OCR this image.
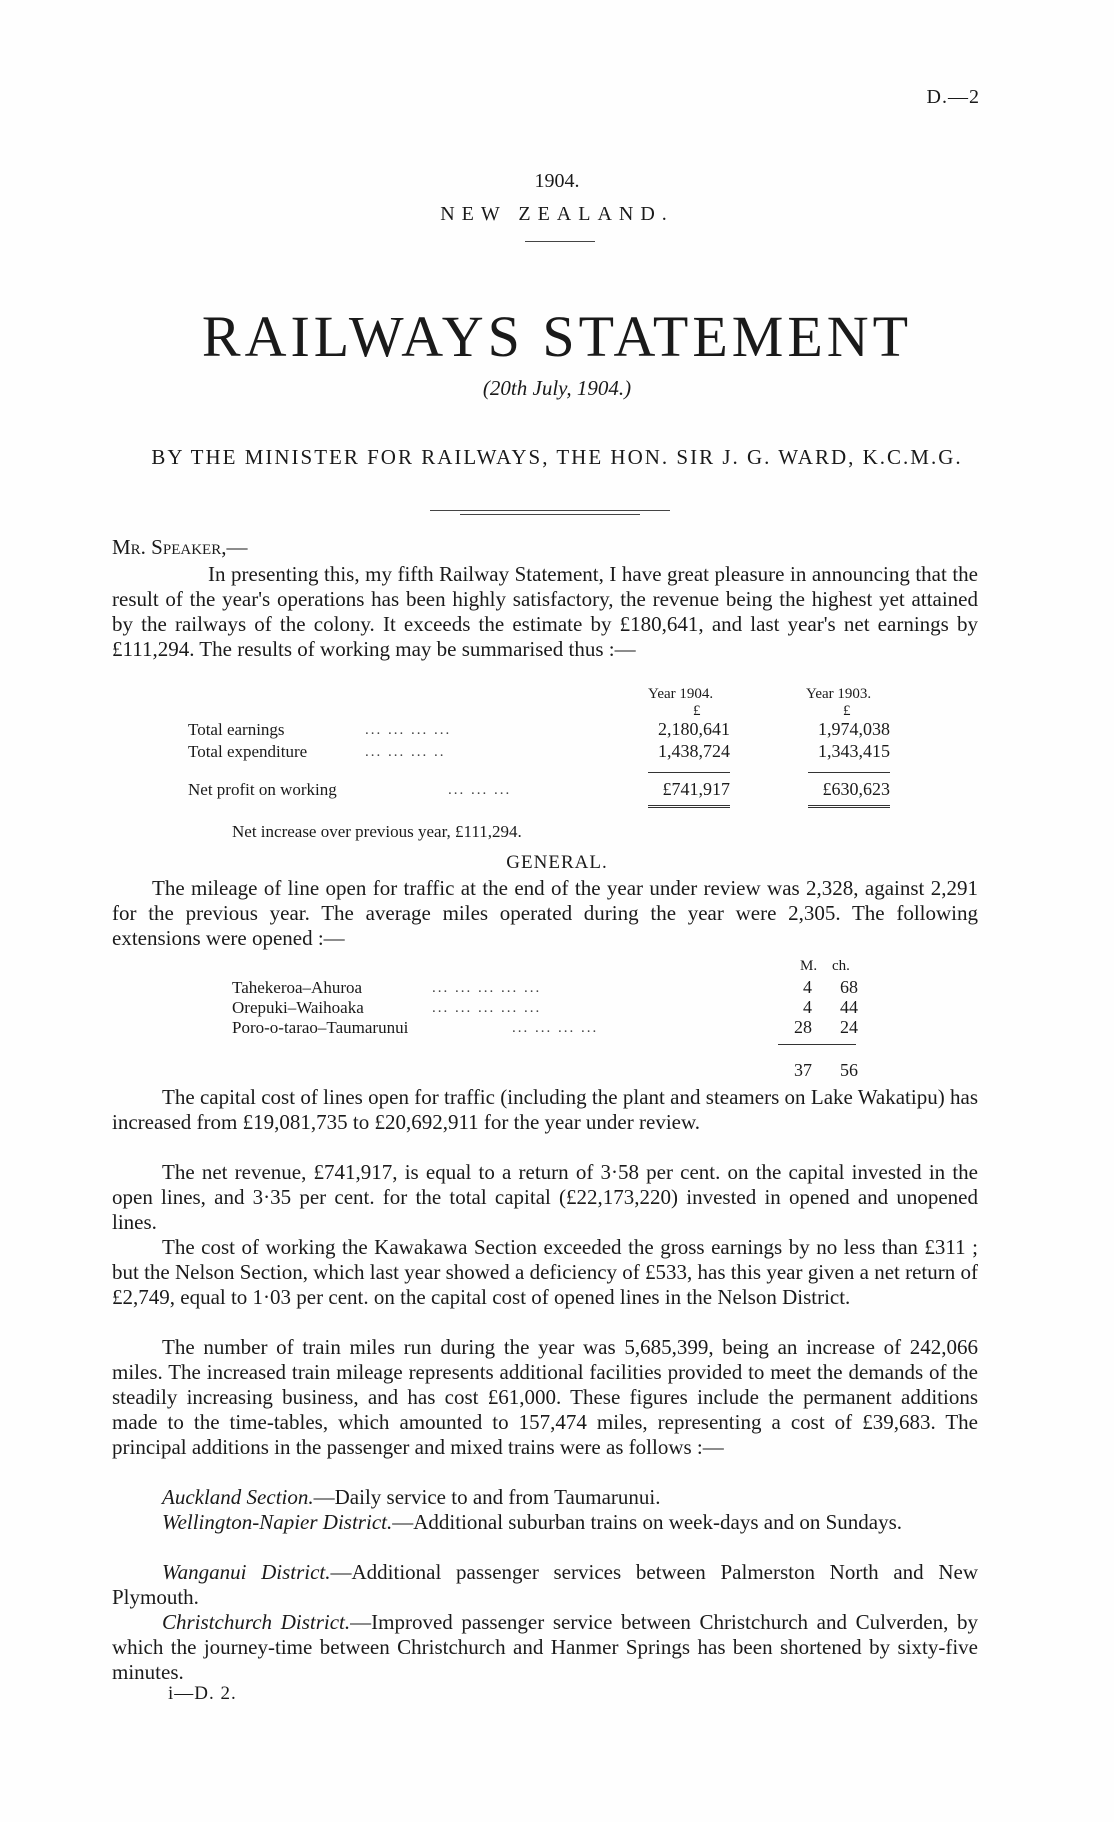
D.—2
1904.
NEW ZEALAND.
RAILWAYS STATEMENT
(20th July, 1904.)
BY THE MINISTER FOR RAILWAYS, THE HON. SIR J. G. WARD, K.C.M.G.
Mr. Speaker,—
In presenting this, my fifth Railway Statement, I have great pleasure in announcing that the result of the year's operations has been highly satisfactory, the revenue being the highest yet attained by the railways of the colony. It exceeds the estimate by £180,641, and last year's net earnings by £111,294. The results of working may be summarised thus :—
Year 1904.	Year 1903.
£	£
Total earnings	... ... ... ...	2,180,641	1,974,038
Total expenditure	... ... ... ..	1,438,724	1,343,415
Net profit on working	... ... ...	£741,917	£630,623
Net increase over previous year, £111,294.
GENERAL.
The mileage of line open for traffic at the end of the year under review was 2,328, against 2,291 for the previous year. The average miles operated during the year were 2,305. The following extensions were opened :—
M. ch.
Tahekeroa–Ahuroa	... ... ... ... ...	4	68
Orepuki–Waihoaka	... ... ... ... ...	4	44
Poro-o-tarao–Taumarunui	... ... ... ...	28	24
37	56
The capital cost of lines open for traffic (including the plant and steamers on Lake Wakatipu) has increased from £19,081,735 to £20,692,911 for the year under review.
The net revenue, £741,917, is equal to a return of 3·58 per cent. on the capital invested in the open lines, and 3·35 per cent. for the total capital (£22,173,220) invested in opened and unopened lines.
The cost of working the Kawakawa Section exceeded the gross earnings by no less than £311 ; but the Nelson Section, which last year showed a deficiency of £533, has this year given a net return of £2,749, equal to 1·03 per cent. on the capital cost of opened lines in the Nelson District.
The number of train miles run during the year was 5,685,399, being an increase of 242,066 miles. The increased train mileage represents additional facilities provided to meet the demands of the steadily increasing business, and has cost £61,000. These figures include the permanent additions made to the time-tables, which amounted to 157,474 miles, representing a cost of £39,683. The principal additions in the passenger and mixed trains were as follows :—
Auckland Section.—Daily service to and from Taumarunui.
Wellington-Napier District.—Additional suburban trains on week-days and on Sundays.
Wanganui District.—Additional passenger services between Palmerston North and New Plymouth.
Christchurch District.—Improved passenger service between Christchurch and Culverden, by which the journey-time between Christchurch and Hanmer Springs has been shortened by sixty-five minutes.
i—D. 2.
